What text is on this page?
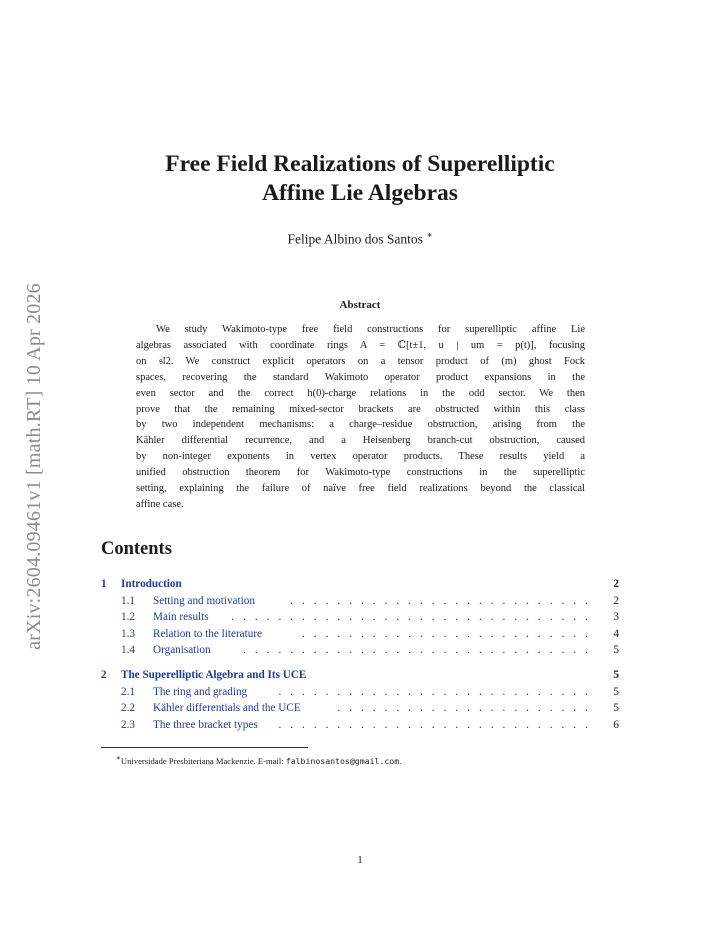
arXiv:2604.09461v1 [math.RT] 10 Apr 2026
Free Field Realizations of Superelliptic
Affine Lie Algebras
Felipe Albino dos Santos ∗
Abstract
We study Wakimoto-type free field constructions for superelliptic affine Lie
algebras associated with coordinate rings A = ℂ[t±1, u | um = p(t)], focusing
on 𝔰𝔩2. We construct explicit operators on a tensor product of (m) ghost Fock
spaces, recovering the standard Wakimoto operator product expansions in the
even sector and the correct h(0)-charge relations in the odd sector. We then
prove that the remaining mixed-sector brackets are obstructed within this class
by two independent mechanisms: a charge–residue obstruction, arising from the
Kähler differential recurrence, and a Heisenberg branch-cut obstruction, caused
by non-integer exponents in vertex operator products. These results yield a
unified obstruction theorem for Wakimoto-type constructions in the superelliptic
setting, explaining the failure of naïve free field realizations beyond the classical
affine case.
Contents
1 Introduction	2
1.1 Setting and motivation	. . . . . . . . . . . . . . . . . . . . . . . . . . 2
1.2 Main results . . . . . . . . . . . . . . . . . . . . . . . . . . . . . . . 3
1.3 Relation to the literature	. . . . . . . . . . . . . . . . . . . . . . . . . 4
1.4 Organisation	. . . . . . . . . . . . . . . . . . . . . . . . . . . . . . 5
2 The Superelliptic Algebra and Its UCE	5
2.1 The ring and grading	. . . . . . . . . . . . . . . . . . . . . . . . . . . 5
2.2 Kähler differentials and the UCE	. . . . . . . . . . . . . . . . . . . . . . 5
2.3 The three bracket types . . . . . . . . . . . . . . . . . . . . . . . . . . . 6
∗Universidade Presbiteriana Mackenzie. E-mail: falbinosantos@gmail.com.
1
